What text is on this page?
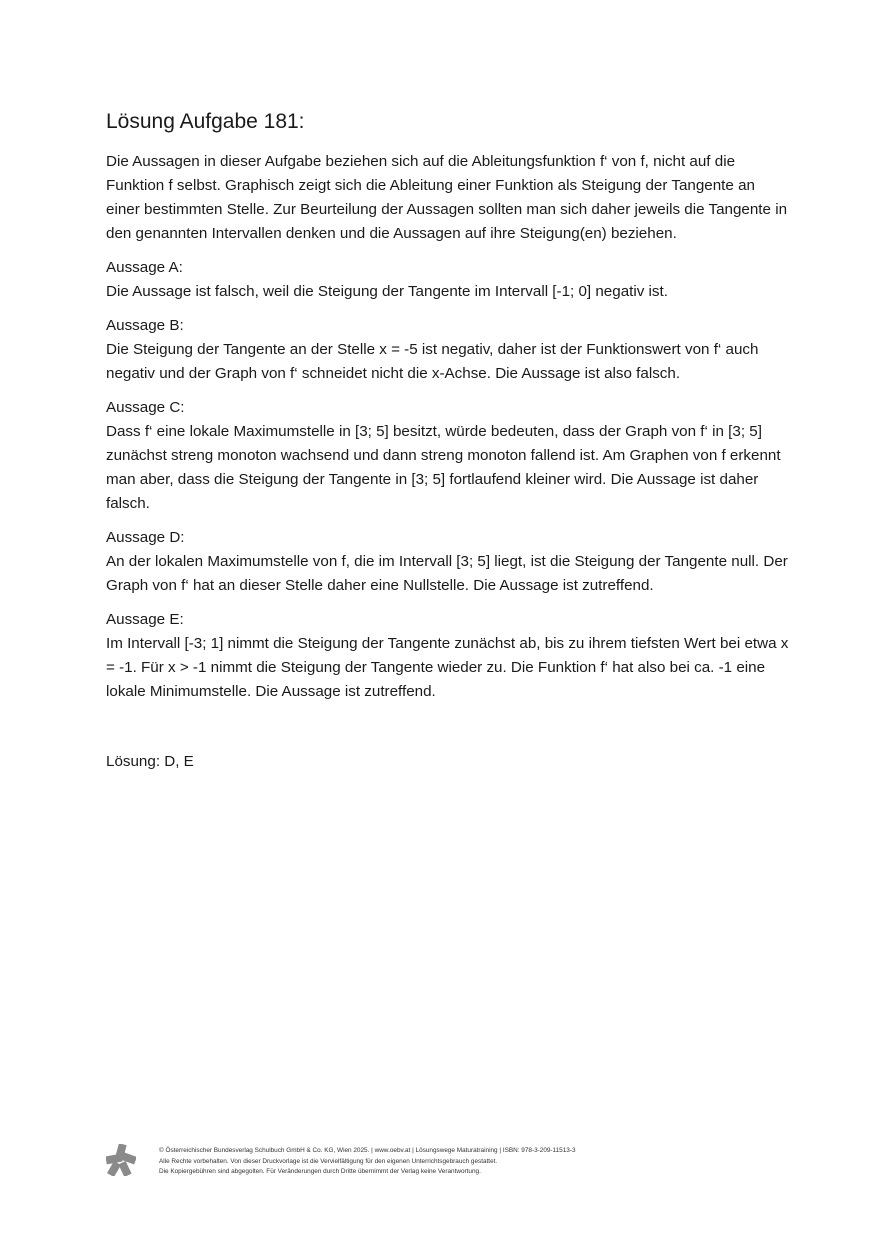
Lösung Aufgabe 181:

Die Aussagen in dieser Aufgabe beziehen sich auf die Ableitungsfunktion f‘ von f, nicht auf die Funktion f selbst. Graphisch zeigt sich die Ableitung einer Funktion als Steigung der Tangente an einer bestimmten Stelle. Zur Beurteilung der Aussagen sollten man sich daher jeweils die Tangente in den genannten Intervallen denken und die Aussagen auf ihre Steigung(en) beziehen.

Aussage A:
Die Aussage ist falsch, weil die Steigung der Tangente im Intervall [-1; 0] negativ ist.
Aussage B:
Die Steigung der Tangente an der Stelle x = -5 ist negativ, daher ist der Funktionswert von f‘ auch negativ und der Graph von f‘ schneidet nicht die x-Achse. Die Aussage ist also falsch.
Aussage C:
Dass f‘ eine lokale Maximumstelle in [3; 5] besitzt, würde bedeuten, dass der Graph von f‘ in [3; 5] zunächst streng monoton wachsend und dann streng monoton fallend ist. Am Graphen von f erkennt man aber, dass die Steigung der Tangente in [3; 5] fortlaufend kleiner wird. Die Aussage ist daher falsch.
Aussage D:
An der lokalen Maximumstelle von f, die im Intervall [3; 5] liegt, ist die Steigung der Tangente null. Der Graph von f‘ hat an dieser Stelle daher eine Nullstelle. Die Aussage ist zutreffend.
Aussage E:
Im Intervall [-3; 1] nimmt die Steigung der Tangente zunächst ab, bis zu ihrem tiefsten Wert bei etwa x = -1. Für x > -1 nimmt die Steigung der Tangente wieder zu. Die Funktion f‘ hat also bei ca. -1 eine lokale Minimumstelle. Die Aussage ist zutreffend.

Lösung: D, E

© Österreichischer Bundesverlag Schulbuch GmbH & Co. KG, Wien 2025. | www.oebv.at | Lösungswege Maturatraining | ISBN: 978-3-209-11513-3
Alle Rechte vorbehalten. Von dieser Druckvorlage ist die Vervielfältigung für den eigenen Unterrichtsgebrauch gestattet.
Die Kopiergebühren sind abgegolten. Für Veränderungen durch Dritte übernimmt der Verlag keine Verantwortung.
